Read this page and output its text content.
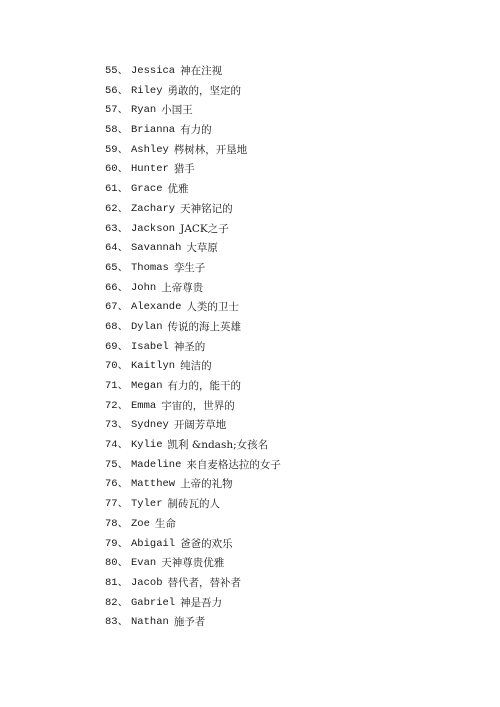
55、 Jessica 神在注视
56、 Riley 勇敢的，坚定的
57、 Ryan 小国王
58、 Brianna 有力的
59、 Ashley 梣树林，开垦地
60、 Hunter 猎手
61、 Grace 优雅
62、 Zachary 天神铭记的
63、 Jackson JACK之子
64、 Savannah 大草原
65、 Thomas 孪生子
66、 John 上帝尊贵
67、 Alexande 人类的卫士
68、 Dylan 传说的海上英雄
69、 Isabel 神圣的
70、 Kaitlyn 纯洁的
71、 Megan 有力的，能干的
72、 Emma 宇宙的，世界的
73、 Sydney 开阔芳草地
74、 Kylie 凯利 &ndash;女孩名
75、 Madeline 来自麦格达拉的女子
76、 Matthew 上帝的礼物
77、 Tyler 制砖瓦的人
78、 Zoe 生命
79、 Abigail 爸爸的欢乐
80、 Evan 天神尊贵优雅
81、 Jacob 替代者，替补者
82、 Gabriel 神是吾力
83、 Nathan 施予者
